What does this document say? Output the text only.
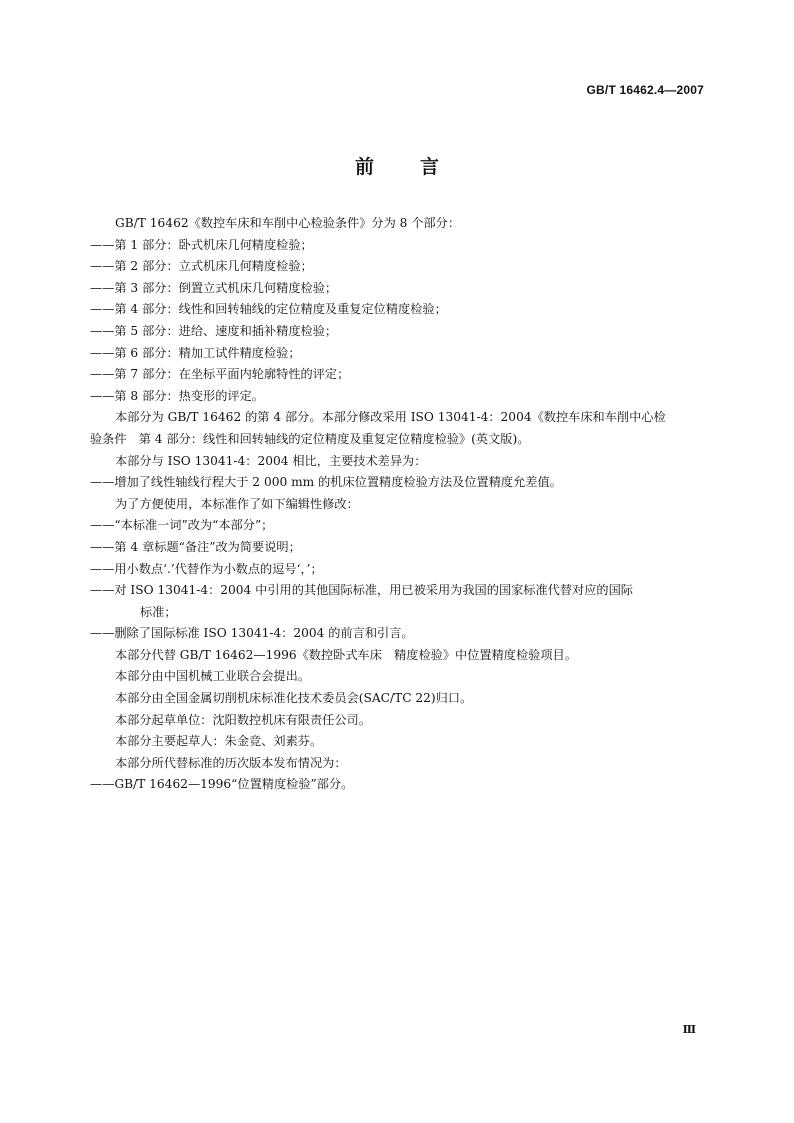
GB/T 16462.4—2007
前言
GB/T 16462《数控车床和车削中心检验条件》分为 8 个部分：
——第 1 部分：卧式机床几何精度检验；
——第 2 部分：立式机床几何精度检验；
——第 3 部分：倒置立式机床几何精度检验；
——第 4 部分：线性和回转轴线的定位精度及重复定位精度检验；
——第 5 部分：进给、速度和插补精度检验；
——第 6 部分：精加工试件精度检验；
——第 7 部分：在坐标平面内轮廓特性的评定；
——第 8 部分：热变形的评定。
本部分为 GB/T 16462 的第 4 部分。本部分修改采用 ISO 13041-4：2004《数控车床和车削中心检
验条件　第 4 部分：线性和回转轴线的定位精度及重复定位精度检验》(英文版)。
本部分与 ISO 13041-4：2004 相比，主要技术差异为：
——增加了线性轴线行程大于 2 000 mm 的机床位置精度检验方法及位置精度允差值。
为了方便使用，本标准作了如下编辑性修改：
——“本标准一词”改为“本部分”；
——第 4 章标题“备注”改为简要说明；
——用小数点‘.’代替作为小数点的逗号‘，’；
——对 ISO 13041-4：2004 中引用的其他国际标准，用已被采用为我国的国家标准代替对应的国际
标准；
——删除了国际标准 ISO 13041-4：2004 的前言和引言。
本部分代替 GB/T 16462—1996《数控卧式车床　精度检验》中位置精度检验项目。
本部分由中国机械工业联合会提出。
本部分由全国金属切削机床标准化技术委员会(SAC/TC 22)归口。
本部分起草单位：沈阳数控机床有限责任公司。
本部分主要起草人：朱金竞、刘素芬。
本部分所代替标准的历次版本发布情况为：
——GB/T 16462—1996“位置精度检验”部分。
Ⅲ
